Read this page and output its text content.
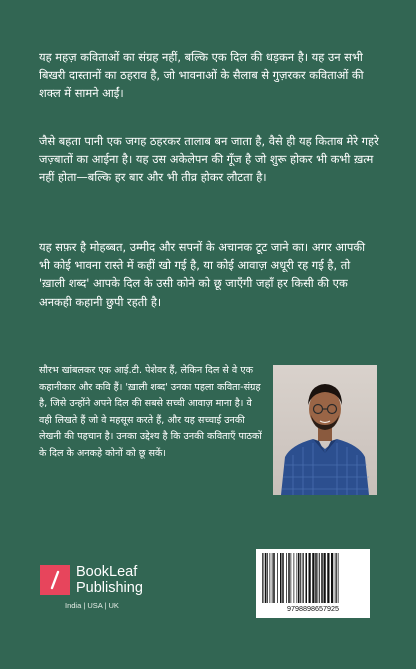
यह महज़ कविताओं का संग्रह नहीं, बल्कि एक दिल की धड़कन है। यह उन सभी बिखरी दास्तानों का ठहराव है, जो भावनाओं के सैलाब से गुज़रकर कविताओं की शक्ल में सामने आईं।

जैसे बहता पानी एक जगह ठहरकर तालाब बन जाता है, वैसे ही यह किताब मेरे गहरे जज़्बातों का आईना है। यह उस अकेलेपन की गूँज है जो शुरू होकर भी कभी ख़त्म नहीं होता—बल्कि हर बार और भी तीव्र होकर लौटता है।

यह सफ़र है मोहब्बत, उम्मीद और सपनों के अचानक टूट जाने का। अगर आपकी भी कोई भावना रास्ते में कहीं खो गई है, या कोई आवाज़ अधूरी रह गई है, तो 'ख़ाली शब्द' आपके दिल के उसी कोने को छू जाएँगी जहाँ हर किसी की एक अनकही कहानी छुपी रहती है।

सौरभ खांबलकर एक आई.टी. पेशेवर हैं, लेकिन दिल से वे एक कहानीकार और कवि हैं। 'ख़ाली शब्द' उनका पहला कविता-संग्रह है, जिसे उन्होंने अपने दिल की सबसे सच्ची आवाज़ माना है। वे वही लिखते हैं जो वे महसूस करते हैं, और यह सच्चाई उनकी लेखनी की पहचान है। उनका उद्देश्य है कि उनकी कविताएँ पाठकों के दिल के अनकहे कोनों को छू सकें।

BookLeaf
Publishing

India | USA | UK	9798898657925
